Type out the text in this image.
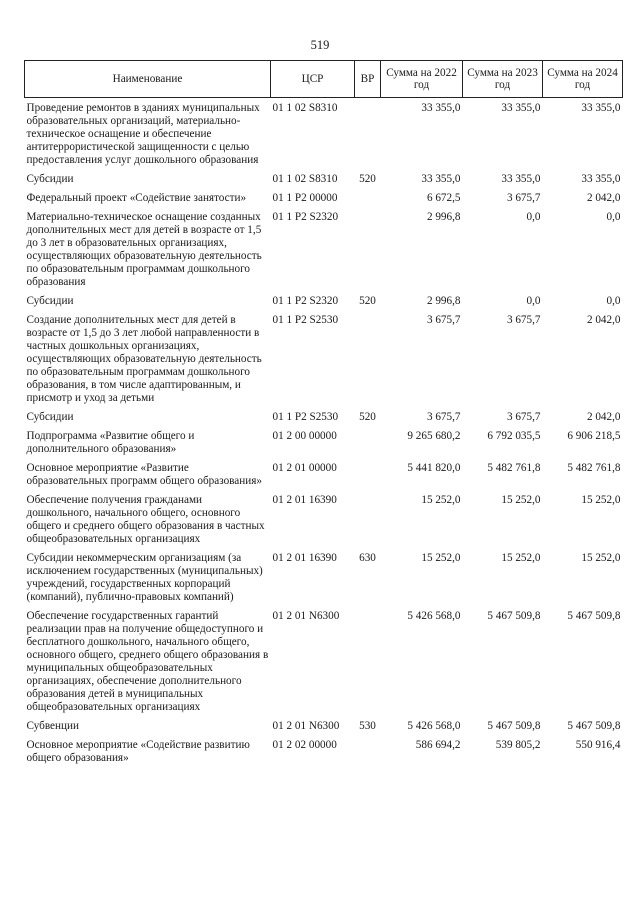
519
Наименование	ЦСР	ВР	Сумма на 2022 год	Сумма на 2023 год	Сумма на 2024 год
Проведение ремонтов в зданиях муниципальных образовательных организаций, материально-техническое оснащение и обеспечение антитеррористической защищенности с целью предоставления услуг дошкольного образования	01 1 02 S8310		33 355,0	33 355,0	33 355,0
Субсидии	01 1 02 S8310	520	33 355,0	33 355,0	33 355,0
Федеральный проект «Содействие занятости»	01 1 P2 00000		6 672,5	3 675,7	2 042,0
Материально-техническое оснащение созданных дополнительных мест для детей в возрасте от 1,5 до 3 лет в образовательных организациях, осуществляющих образовательную деятельность по образовательным программам дошкольного образования	01 1 P2 S2320		2 996,8	0,0	0,0
Субсидии	01 1 P2 S2320	520	2 996,8	0,0	0,0
Создание дополнительных мест для детей в возрасте от 1,5 до 3 лет любой направленности в частных дошкольных организациях, осуществляющих образовательную деятельность по образовательным программам дошкольного образования, в том числе адаптированным, и присмотр и уход за детьми	01 1 P2 S2530		3 675,7	3 675,7	2 042,0
Субсидии	01 1 P2 S2530	520	3 675,7	3 675,7	2 042,0
Подпрограмма «Развитие общего и дополнительного образования»	01 2 00 00000		9 265 680,2	6 792 035,5	6 906 218,5
Основное мероприятие «Развитие образовательных программ общего образования»	01 2 01 00000		5 441 820,0	5 482 761,8	5 482 761,8
Обеспечение получения гражданами дошкольного, начального общего, основного общего и среднего общего образования в частных общеобразовательных организациях	01 2 01 16390		15 252,0	15 252,0	15 252,0
Субсидии некоммерческим организациям (за исключением государственных (муниципальных) учреждений, государственных корпораций (компаний), публично-правовых компаний)	01 2 01 16390	630	15 252,0	15 252,0	15 252,0
Обеспечение государственных гарантий реализации прав на получение общедоступного и бесплатного дошкольного, начального общего, основного общего, среднего общего образования в муниципальных общеобразовательных организациях, обеспечение дополнительного образования детей в муниципальных общеобразовательных организациях	01 2 01 N6300		5 426 568,0	5 467 509,8	5 467 509,8
Субвенции	01 2 01 N6300	530	5 426 568,0	5 467 509,8	5 467 509,8
Основное мероприятие «Содействие развитию общего образования»	01 2 02 00000		586 694,2	539 805,2	550 916,4
